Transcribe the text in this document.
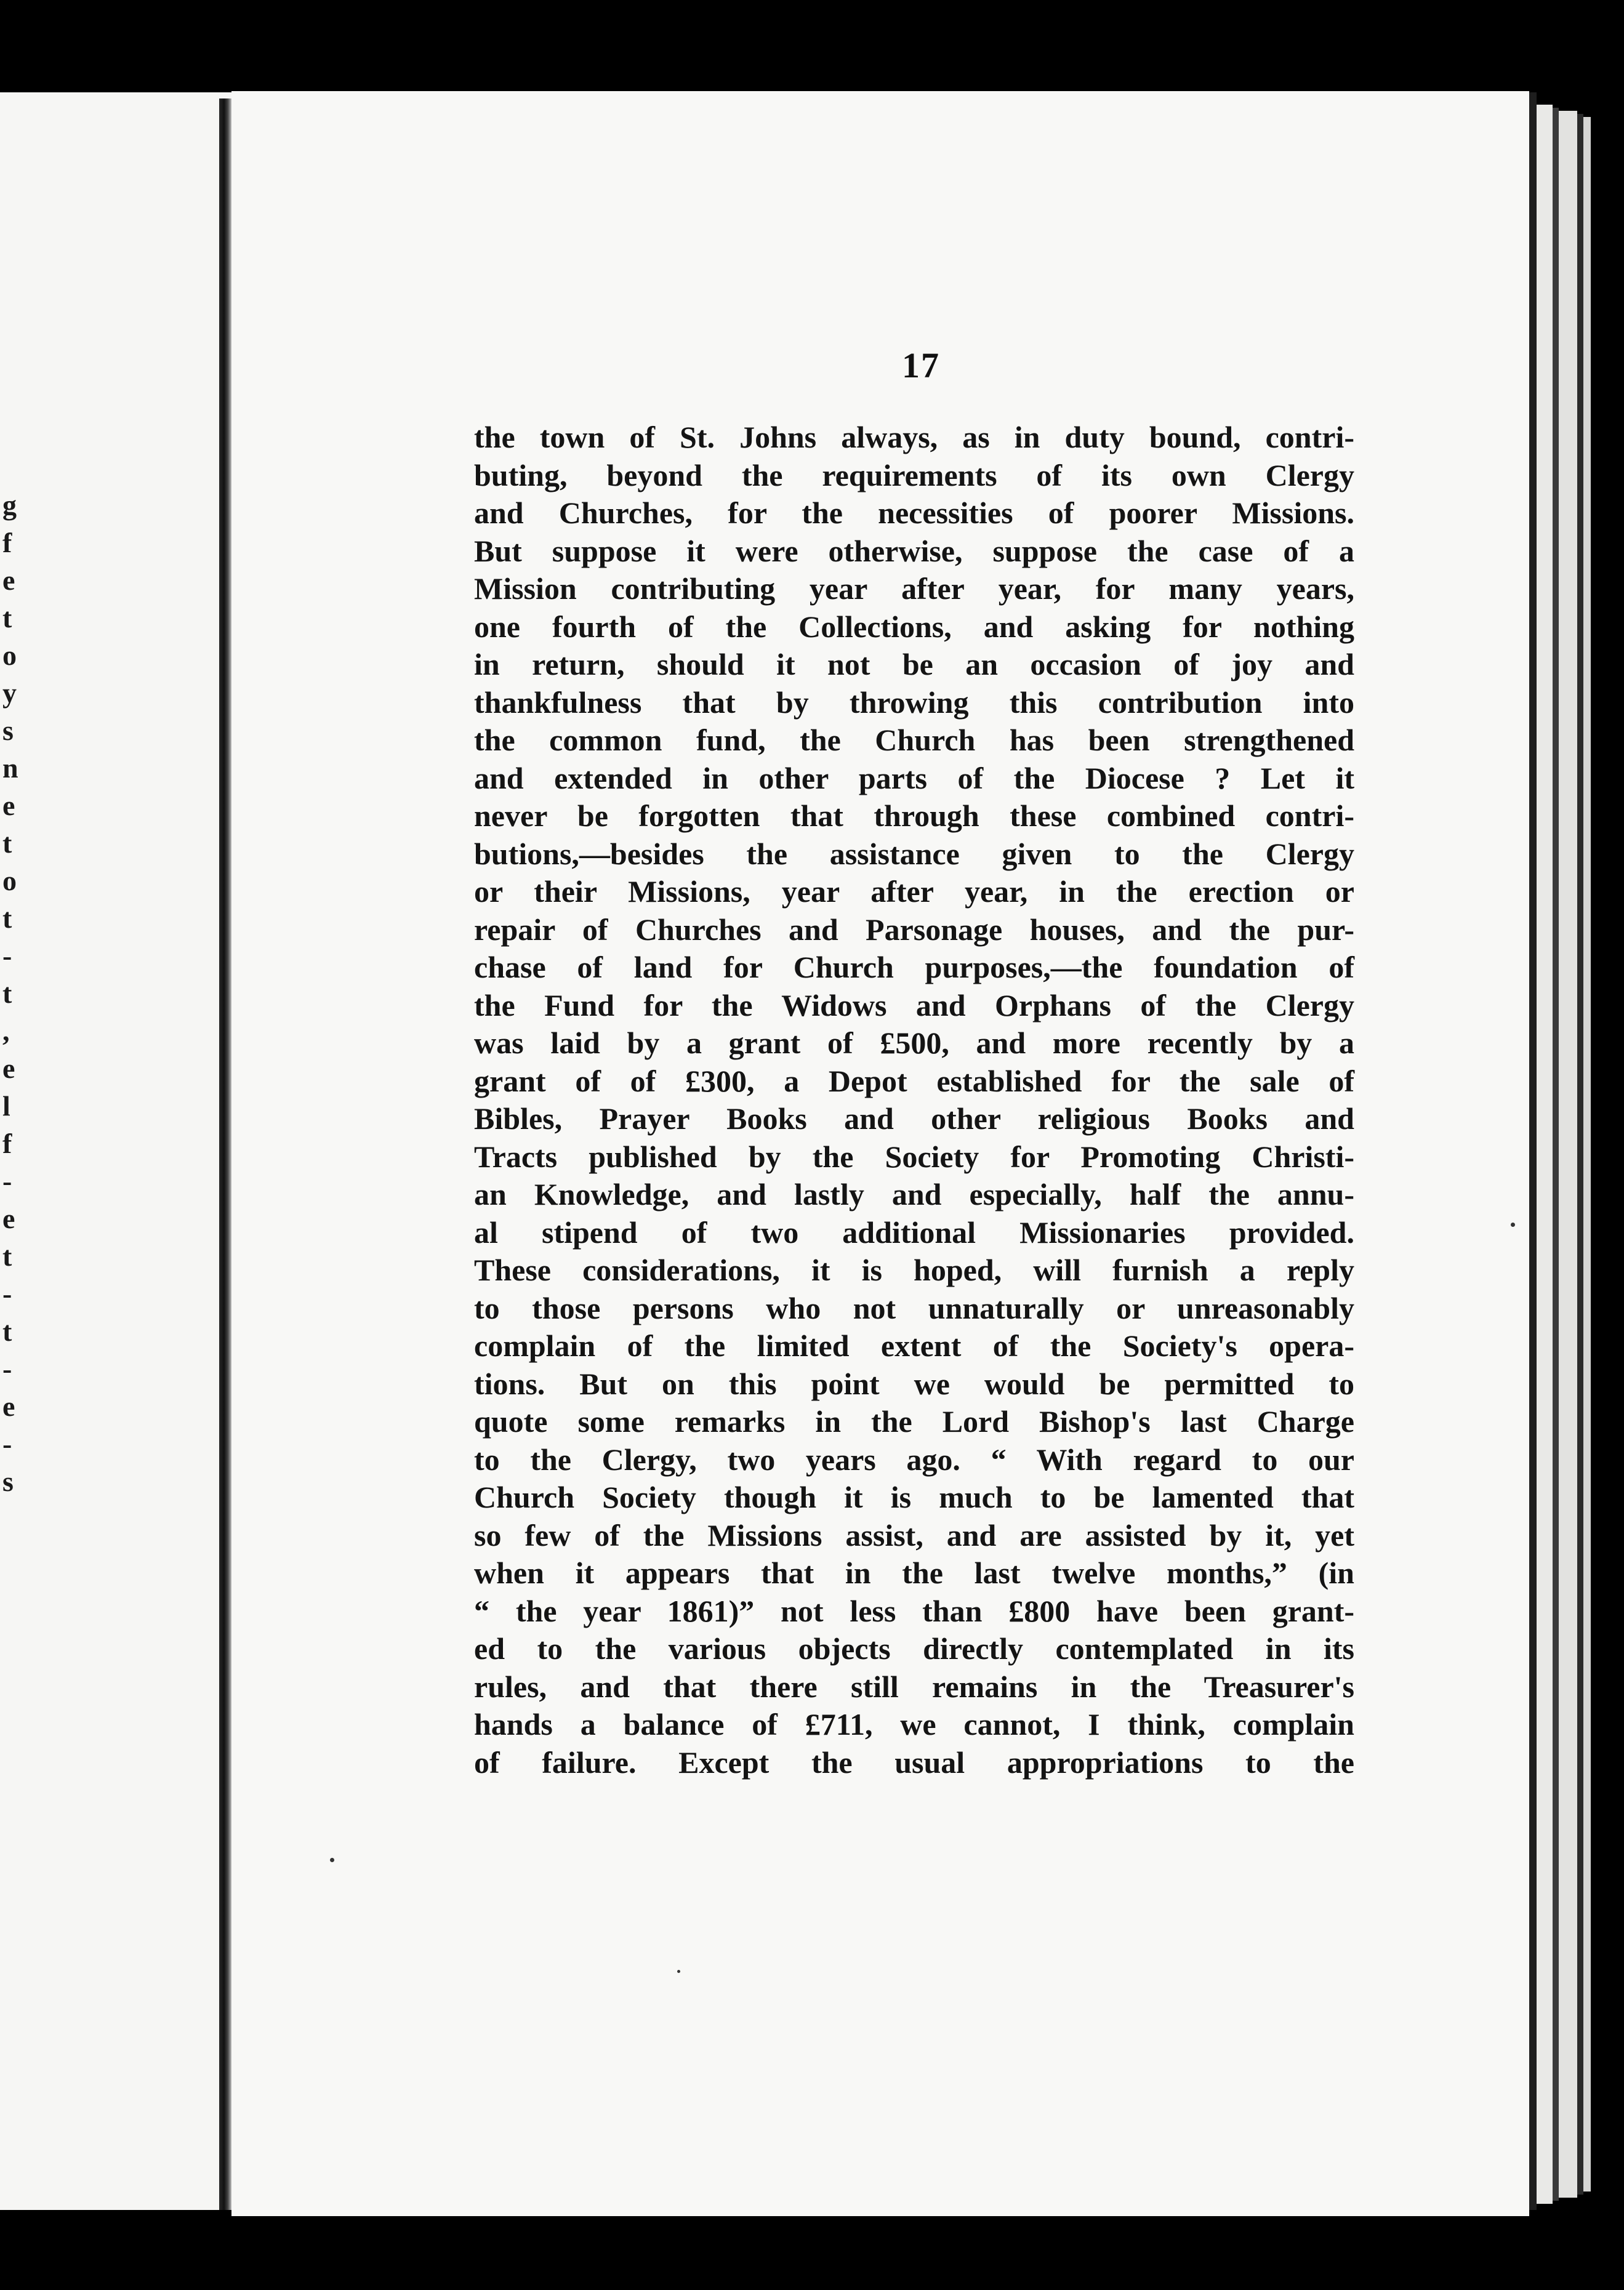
g
f
e
t
o
y
s
n
e
t
o
t
-
t
,
e
l
f
-
e
t
-
t
-
e
-
s
17
the town of St. Johns always, as in duty bound, contri-
buting, beyond the requirements of its own Clergy
and Churches, for the necessities of poorer Missions.
But suppose it were otherwise, suppose the case of a
Mission contributing year after year, for many years,
one fourth of the Collections, and asking for nothing
in return, should it not be an occasion of joy and
thankfulness that by throwing this contribution into
the common fund, the Church has been strengthened
and extended in other parts of the Diocese ? Let it
never be forgotten that through these combined contri-
butions,—besides the assistance given to the Clergy
or their Missions, year after year, in the erection or
repair of Churches and Parsonage houses, and the pur-
chase of land for Church purposes,—the foundation of
the Fund for the Widows and Orphans of the Clergy
was laid by a grant of £500, and more recently by a
grant of of £300, a Depot established for the sale of
Bibles, Prayer Books and other religious Books and
Tracts published by the Society for Promoting Christi-
an Knowledge, and lastly and especially, half the annu-
al stipend of two additional Missionaries provided.
These considerations, it is hoped, will furnish a reply
to those persons who not unnaturally or unreasonably
complain of the limited extent of the Society's opera-
tions. But on this point we would be permitted to
quote some remarks in the Lord Bishop's last Charge
to the Clergy, two years ago. “ With regard to our
Church Society though it is much to be lamented that
so few of the Missions assist, and are assisted by it, yet
when it appears that in the last twelve months,” (in
“ the year 1861)” not less than £800 have been grant-
ed to the various objects directly contemplated in its
rules, and that there still remains in the Treasurer's
hands a balance of £711, we cannot, I think, complain
of failure. Except the usual appropriations to the
